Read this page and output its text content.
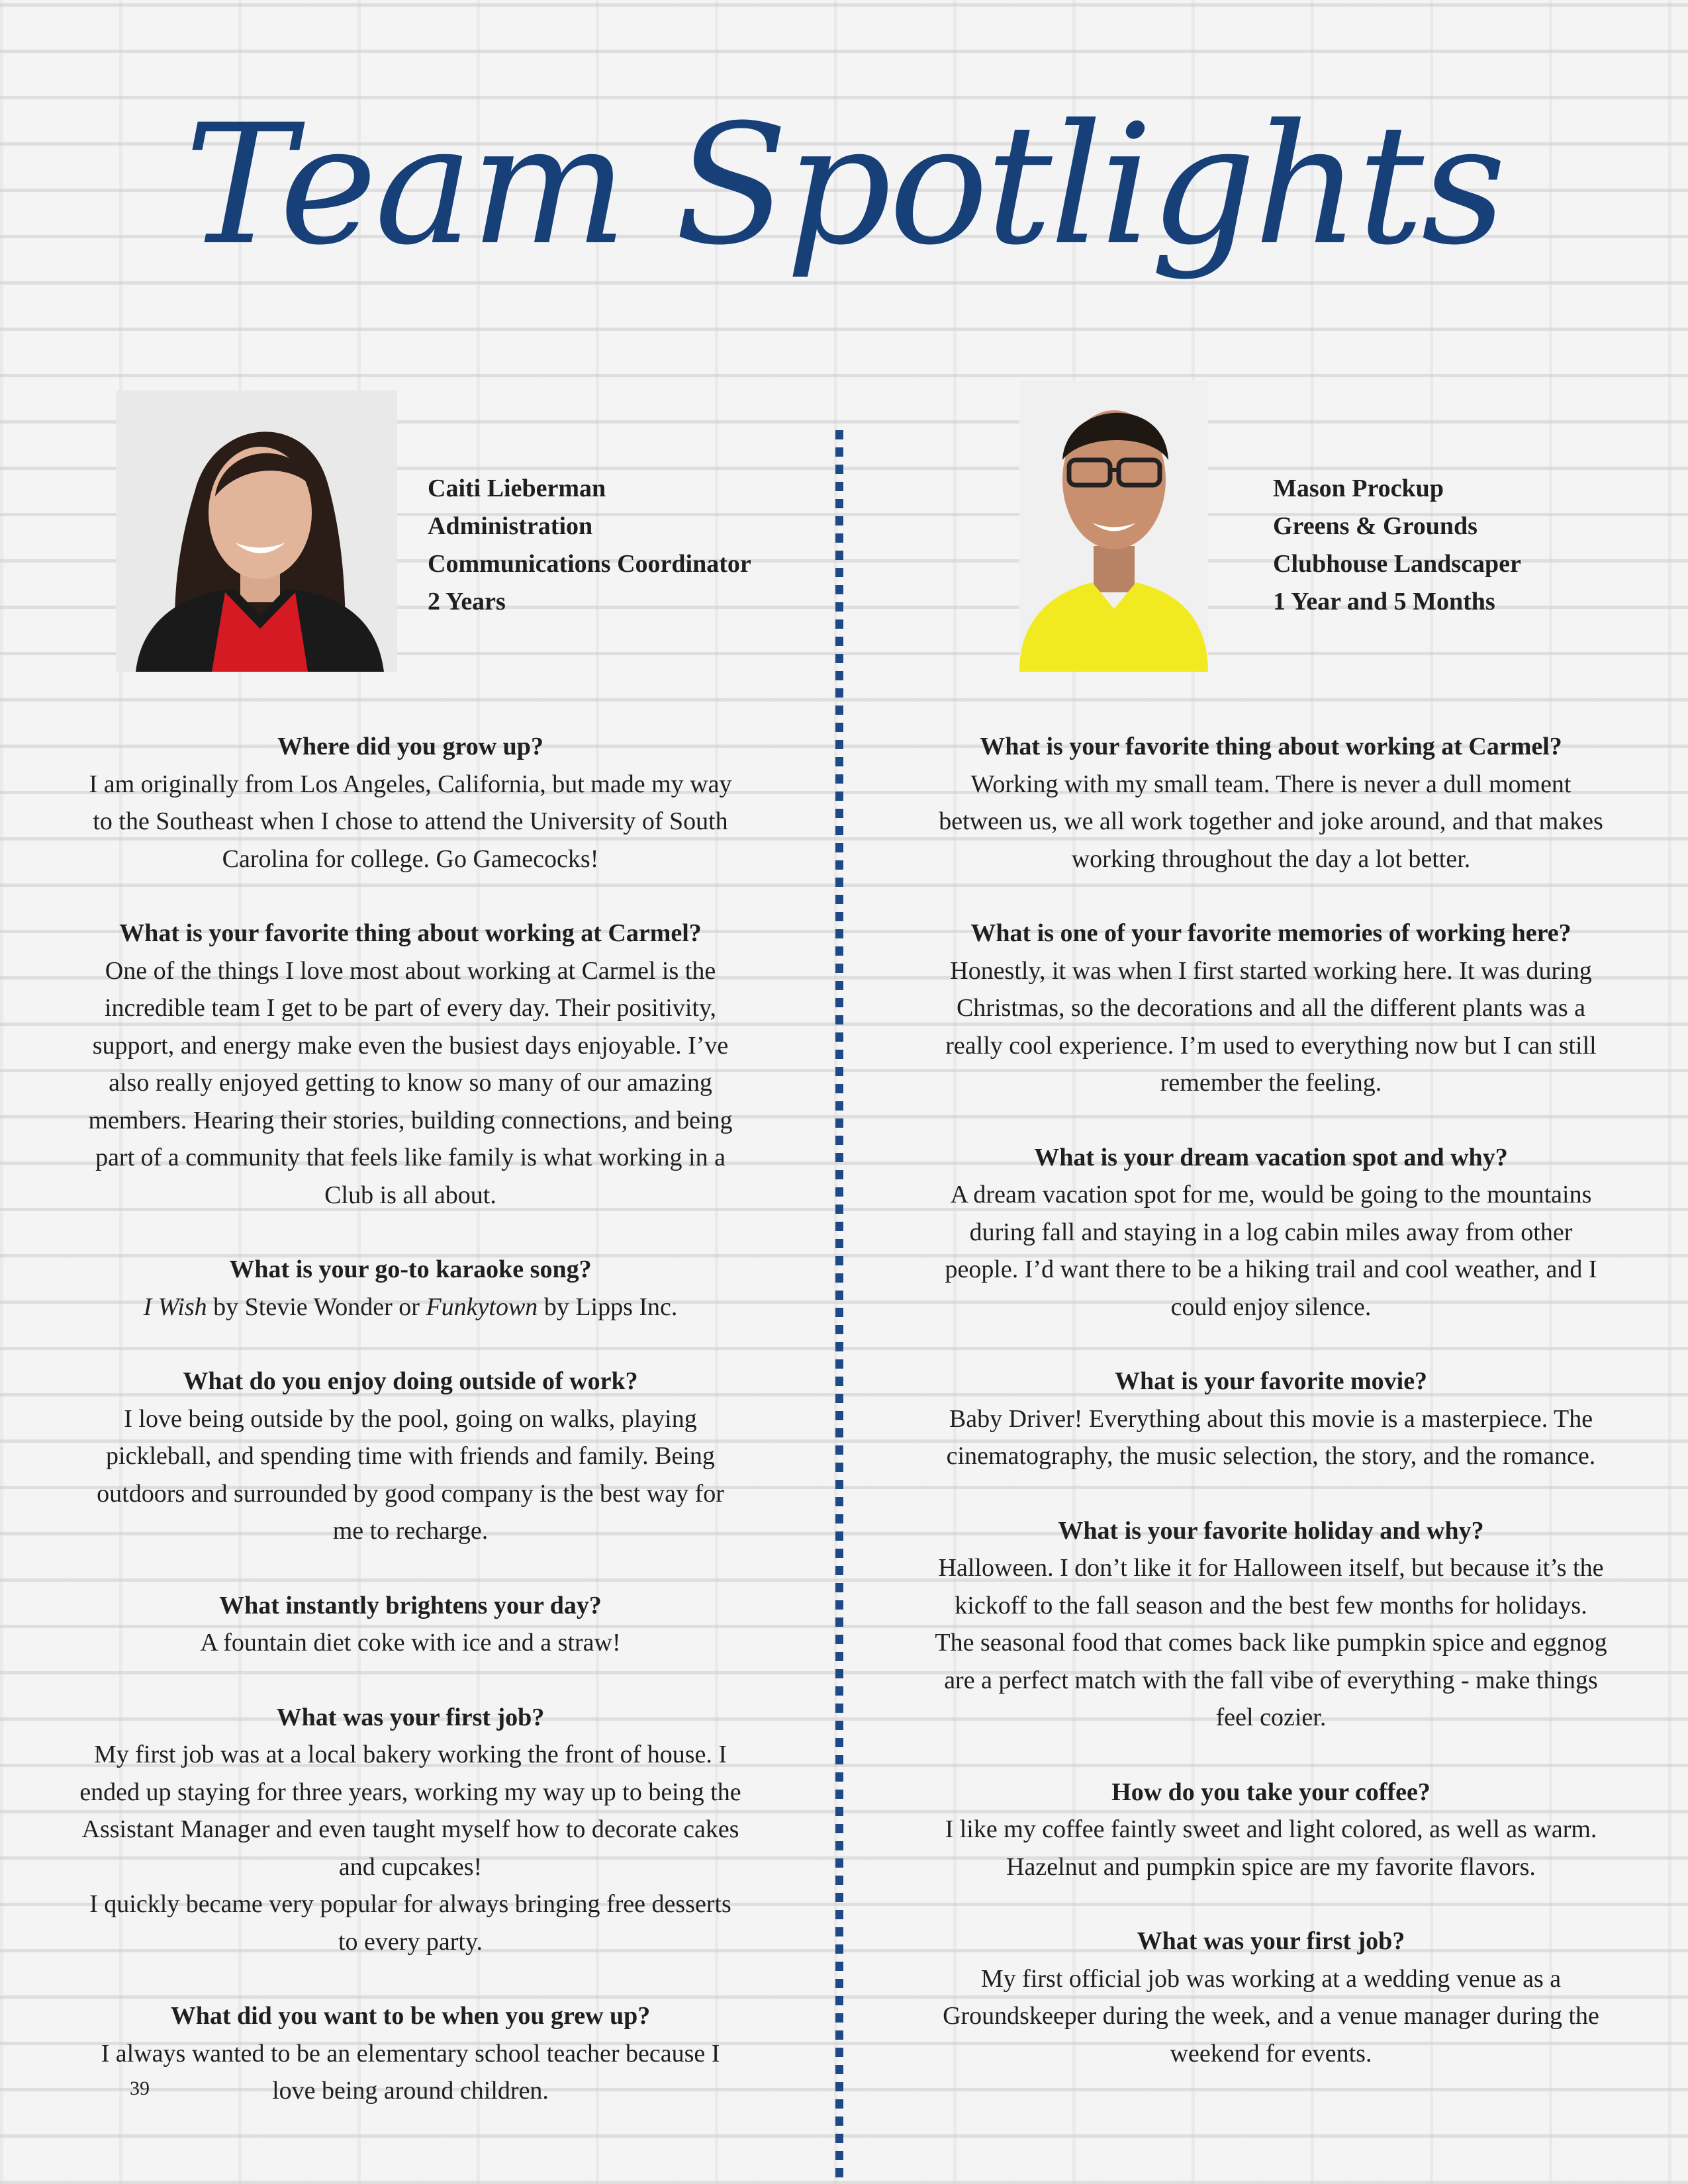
Team Spotlights
Caiti Lieberman
Administration
Communications Coordinator
2 Years
Mason Prockup
Greens & Grounds
Clubhouse Landscaper
1 Year and 5 Months
Where did you grow up?
I am originally from Los Angeles, California, but made my way to the Southeast when I chose to attend the University of South Carolina for college. Go Gamecocks!
What is your favorite thing about working at Carmel?
One of the things I love most about working at Carmel is the incredible team I get to be part of every day. Their positivity, support, and energy make even the busiest days enjoyable. I’ve also really enjoyed getting to know so many of our amazing members. Hearing their stories, building connections, and being part of a community that feels like family is what working in a Club is all about.
What is your go-to karaoke song?
I Wish by Stevie Wonder or Funkytown by Lipps Inc.
What do you enjoy doing outside of work?
I love being outside by the pool, going on walks, playing pickleball, and spending time with friends and family. Being outdoors and surrounded by good company is the best way for me to recharge.
What instantly brightens your day?
A fountain diet coke with ice and a straw!
What was your first job?
My first job was at a local bakery working the front of house. I ended up staying for three years, working my way up to being the Assistant Manager and even taught myself how to decorate cakes and cupcakes!
I quickly became very popular for always bringing free desserts to every party.
What did you want to be when you grew up?
I always wanted to be an elementary school teacher because I love being around children.
What is your favorite thing about working at Carmel?
Working with my small team. There is never a dull moment between us, we all work together and joke around, and that makes working throughout the day a lot better.
What is one of your favorite memories of working here?
Honestly, it was when I first started working here. It was during Christmas, so the decorations and all the different plants was a really cool experience. I’m used to everything now but I can still remember the feeling.
What is your dream vacation spot and why?
A dream vacation spot for me, would be going to the mountains during fall and staying in a log cabin miles away from other people. I’d want there to be a hiking trail and cool weather, and I could enjoy silence.
What is your favorite movie?
Baby Driver! Everything about this movie is a masterpiece. The cinematography, the music selection, the story, and the romance.
What is your favorite holiday and why?
Halloween. I don’t like it for Halloween itself, but because it’s the kickoff to the fall season and the best few months for holidays. The seasonal food that comes back like pumpkin spice and eggnog are a perfect match with the fall vibe of everything - make things feel cozier.
How do you take your coffee?
I like my coffee faintly sweet and light colored, as well as warm. Hazelnut and pumpkin spice are my favorite flavors.
What was your first job?
My first official job was working at a wedding venue as a Groundskeeper during the week, and a venue manager during the weekend for events.
39
